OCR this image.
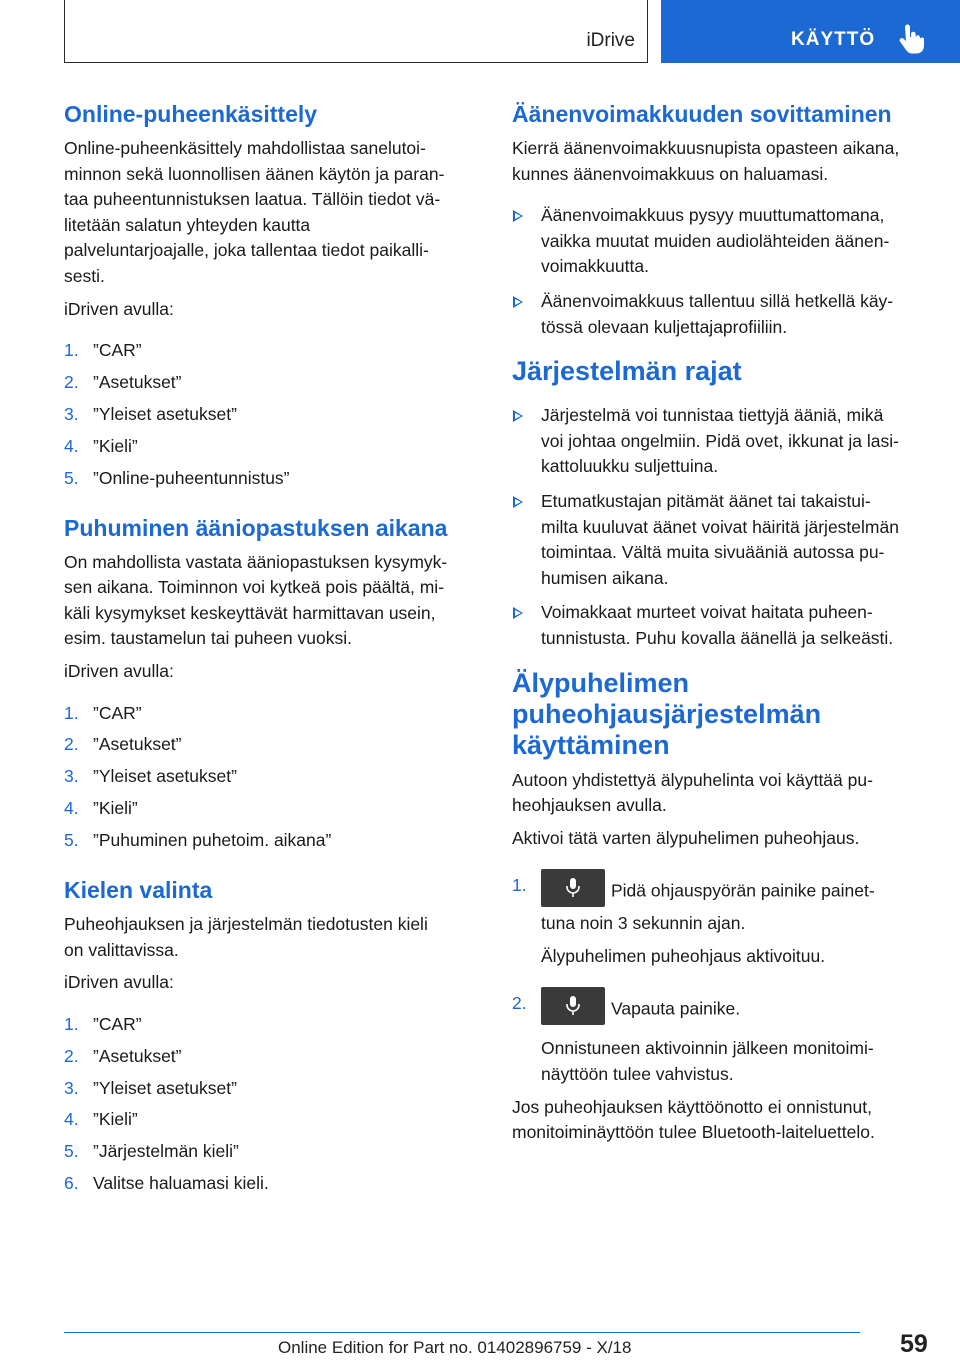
iDrive	KÄYTTÖ
Online-puheenkäsittely

Online-puheenkäsittely mahdollistaa sanelutoi-
minnon sekä luonnollisen äänen käytön ja paran-
taa puheentunnistuksen laatua. Tällöin tiedot vä-
litetään salatun yhteyden kautta
palveluntarjoajalle, joka tallentaa tiedot paikalli-
sesti.

iDriven avulla:

1. ”CAR”
2. ”Asetukset”
3. ”Yleiset asetukset”
4. ”Kieli”
5. ”Online-puheentunnistus”
Puhuminen ääniopastuksen aikana

On mahdollista vastata ääniopastuksen kysymyk-
sen aikana. Toiminnon voi kytkeä pois päältä, mi-
käli kysymykset keskeyttävät harmittavan usein,
esim. taustamelun tai puheen vuoksi.

iDriven avulla:

1. ”CAR”
2. ”Asetukset”
3. ”Yleiset asetukset”
4. ”Kieli”
5. ”Puhuminen puhetoim. aikana”
Kielen valinta

Puheohjauksen ja järjestelmän tiedotusten kieli
on valittavissa.

iDriven avulla:

1. ”CAR”
2. ”Asetukset”
3. ”Yleiset asetukset”
4. ”Kieli”
5. ”Järjestelmän kieli”
6. Valitse haluamasi kieli.
Äänenvoimakkuuden sovittaminen

Kierrä äänenvoimakkuusnupista opasteen aikana,
kunnes äänenvoimakkuus on haluamasi.

Äänenvoimakkuus pysyy muuttumattomana,
vaikka muutat muiden audiolähteiden äänen-
voimakkuutta.
Äänenvoimakkuus tallentuu sillä hetkellä käy-
tössä olevaan kuljettajaprofiiliin.
Järjestelmän rajat
Järjestelmä voi tunnistaa tiettyjä ääniä, mikä
voi johtaa ongelmiin. Pidä ovet, ikkunat ja lasi-
kattoluukku suljettuina.
Etumatkustajan pitämät äänet tai takaistui-
milta kuuluvat äänet voivat häiritä järjestelmän
toimintaa. Vältä muita sivuääniä autossa pu-
humisen aikana.
Voimakkaat murteet voivat haitata puheen-
tunnistusta. Puhu kovalla äänellä ja selkeästi.
Älypuhelimen
puheohjausjärjestelmän
käyttäminen

Autoon yhdistettyä älypuhelinta voi käyttää pu-
heohjauksen avulla.

Aktivoi tätä varten älypuhelimen puheohjaus.

1.	Pidä ohjauspyörän painike painet-
tuna noin 3 sekunnin ajan.
Älypuhelimen puheohjaus aktivoituu.
2.	Vapauta painike.
Onnistuneen aktivoinnin jälkeen monitoimi-
näyttöön tulee vahvistus.

Jos puheohjauksen käyttöönotto ei onnistunut,
monitoiminäyttöön tulee Bluetooth-laiteluettelo.

59
Online Edition for Part no. 01402896759 - X/18
